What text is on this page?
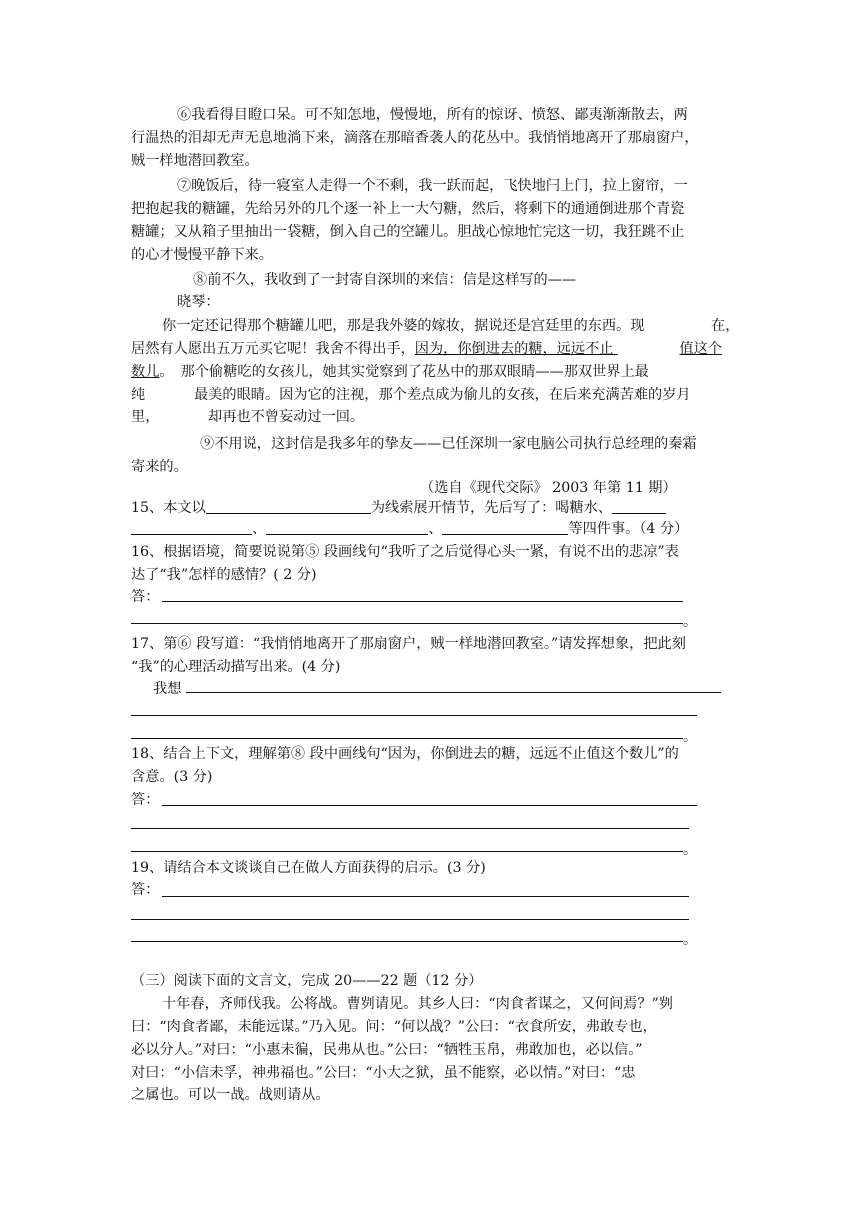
⑥我看得目瞪口呆。可不知怎地，慢慢地，所有的惊讶、愤怒、鄙夷渐渐散去，两
行温热的泪却无声无息地淌下来，滴落在那暗香袭人的花丛中。我悄悄地离开了那扇窗户，
贼一样地潜回教室。
⑦晚饭后，待一寝室人走得一个不剩，我一跃而起，飞快地闩上门，拉上窗帘，一
把抱起我的糖罐，先给另外的几个逐一补上一大勺糖，然后，将剩下的通通倒进那个青瓷
糖罐；又从箱子里抽出一袋糖，倒入自己的空罐儿。胆战心惊地忙完这一切，我狂跳不止
的心才慢慢平静下来。
⑧前不久，我收到了一封寄自深圳的来信：信是这样写的——
晓琴：
你一定还记得那个糖罐儿吧，那是我外婆的嫁妆，据说还是宫廷里的东西。现	在，
居然有人愿出五万元买它呢！我舍不得出手，因为，你倒进去的糖，远远不止	值这个
数儿。　那个偷糖吃的女孩儿，她其实觉察到了花丛中的那双眼睛——那双世界上最
纯	最美的眼睛。因为它的注视，那个差点成为偷儿的女孩，在后来充满苦难的岁月
里，	却再也不曾妄动过一回。
⑨不用说，这封信是我多年的挚友——已任深圳一家电脑公司执行总经理的秦霜
寄来的。
（选自《现代交际》 2003 年第 11 期）
15、本文以	为线索展开情节，先后写了：喝糖水、
、	、	等四件事。（4 分）
16、根据语境，简要说说第⑤ 段画线句“我听了之后觉得心头一紧，有说不出的悲凉”表
达了“我”怎样的感情？( 2 分)
答：
。
17、第⑥ 段写道：“我悄悄地离开了那扇窗户，贼一样地潜回教室。”请发挥想象，把此刻
“我”的心理活动描写出来。(4 分)
我想
。
18、结合上下文，理解第⑧ 段中画线句“因为，你倒进去的糖，远远不止值这个数儿”的
含意。(3 分)
答：
。
19、请结合本文谈谈自己在做人方面获得的启示。(3 分)
答：
。
（三）阅读下面的文言文，完成 20——22 题（12 分）
十年春，齐师伐我。公将战。曹刿请见。其乡人曰：“肉食者谋之，又何间焉？”刿
曰：“肉食者鄙，未能远谋。”乃入见。问：“何以战？”公曰：“衣食所安，弗敢专也，
必以分人。”对曰：“小惠未徧，民弗从也。”公曰：“牺牲玉帛，弗敢加也，必以信。”
对曰：“小信未孚，神弗福也。”公曰：“小大之狱，虽不能察，必以情。”对曰：“忠
之属也。可以一战。战则请从。
